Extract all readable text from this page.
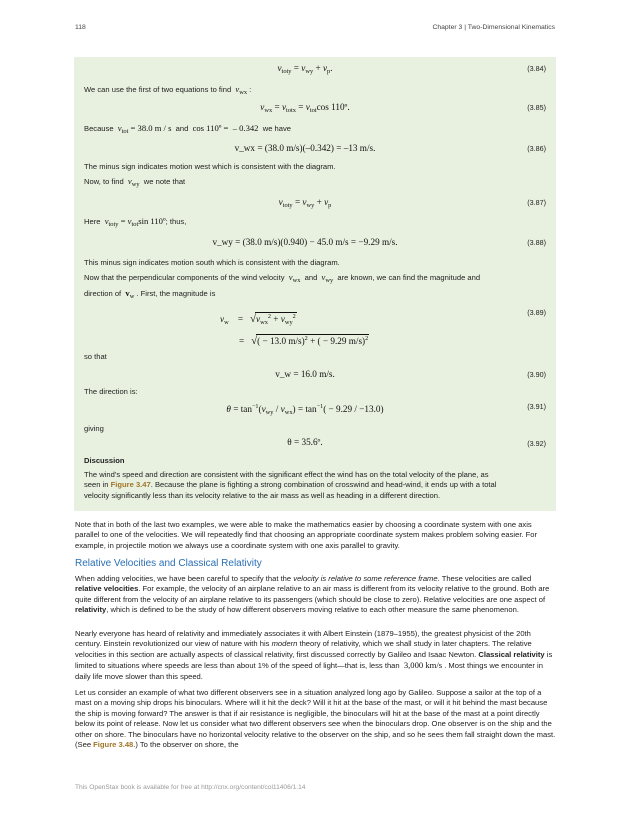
118	Chapter 3 | Two-Dimensional Kinematics
$v_{toty} = v_{wy} + v_p$.	(3.84)
We can use the first of two equations to find $v_{wx}$ :
$v_{wx} = v_{totx} = v_{tot}\cos$ 110º.	(3.85)
Because $v_{tot} = 38.0$ m / s and cos 110º =  – 0.342 we have
v_wx = (38.0 m/s)(–0.342) = –13 m/s.	(3.86)
The minus sign indicates motion west which is consistent with the diagram.
Now, to find $v_{wy}$ we note that
$v_{toty} = v_{wy} + v_p$	(3.87)
Here $v_{toty} = v_{tot}\sin$ 110º; thus,
v_wy = (38.0 m/s)(0.940) − 45.0 m/s = −9.29 m/s.	(3.88)
This minus sign indicates motion south which is consistent with the diagram.
Now that the perpendicular components of the wind velocity $v_{wx}$ and $v_{wy}$ are known, we can find the magnitude and
direction of $v_w$ . First, the magnitude is
$v_w$    =   $√v_{wx}^2 + v_{wy}^2$
=   √( − 13.0 m/s)$^2$ + ( − 9.29 m/s)$^2$
(3.89)
so that
v_w = 16.0 m/s.	(3.90)
The direction is:
$\theta = \tan^{-1}(v_{wy} / v_{wx}) = \tan^{-1}( - 9.29 / -13.0)$	(3.91)
giving
θ = 35.6º.	(3.92)
Discussion
The wind’s speed and direction are consistent with the significant effect the wind has on the total velocity of the plane, as
seen in Figure 3.47. Because the plane is fighting a strong combination of crosswind and head-wind, it ends up with a total
velocity significantly less than its velocity relative to the air mass as well as heading in a different direction.
Note that in both of the last two examples, we were able to make the mathematics easier by choosing a coordinate system with one axis parallel to one of the velocities. We will repeatedly find that choosing an appropriate coordinate system makes problem solving easier. For example, in projectile motion we always use a coordinate system with one axis parallel to gravity.
Relative Velocities and Classical Relativity
When adding velocities, we have been careful to specify that the velocity is relative to some reference frame. These velocities are called relative velocities. For example, the velocity of an airplane relative to an air mass is different from its velocity relative to the ground. Both are quite different from the velocity of an airplane relative to its passengers (which should be close to zero). Relative velocities are one aspect of relativity, which is defined to be the study of how different observers moving relative to each other measure the same phenomenon.
Nearly everyone has heard of relativity and immediately associates it with Albert Einstein (1879–1955), the greatest physicist of the 20th century. Einstein revolutionized our view of nature with his modern theory of relativity, which we shall study in later chapters. The relative velocities in this section are actually aspects of classical relativity, first discussed correctly by Galileo and Isaac Newton. Classical relativity is limited to situations where speeds are less than about 1% of the speed of light—that is, less than 3,000 km/s . Most things we encounter in daily life move slower than this speed.
Let us consider an example of what two different observers see in a situation analyzed long ago by Galileo. Suppose a sailor at the top of a mast on a moving ship drops his binoculars. Where will it hit the deck? Will it hit at the base of the mast, or will it hit behind the mast because the ship is moving forward? The answer is that if air resistance is negligible, the binoculars will hit at the base of the mast at a point directly below its point of release. Now let us consider what two different observers see when the binoculars drop. One observer is on the ship and the other on shore. The binoculars have no horizontal velocity relative to the observer on the ship, and so he sees them fall straight down the mast. (See Figure 3.48.) To the observer on shore, the
This OpenStax book is available for free at http://cnx.org/content/col11406/1.14
